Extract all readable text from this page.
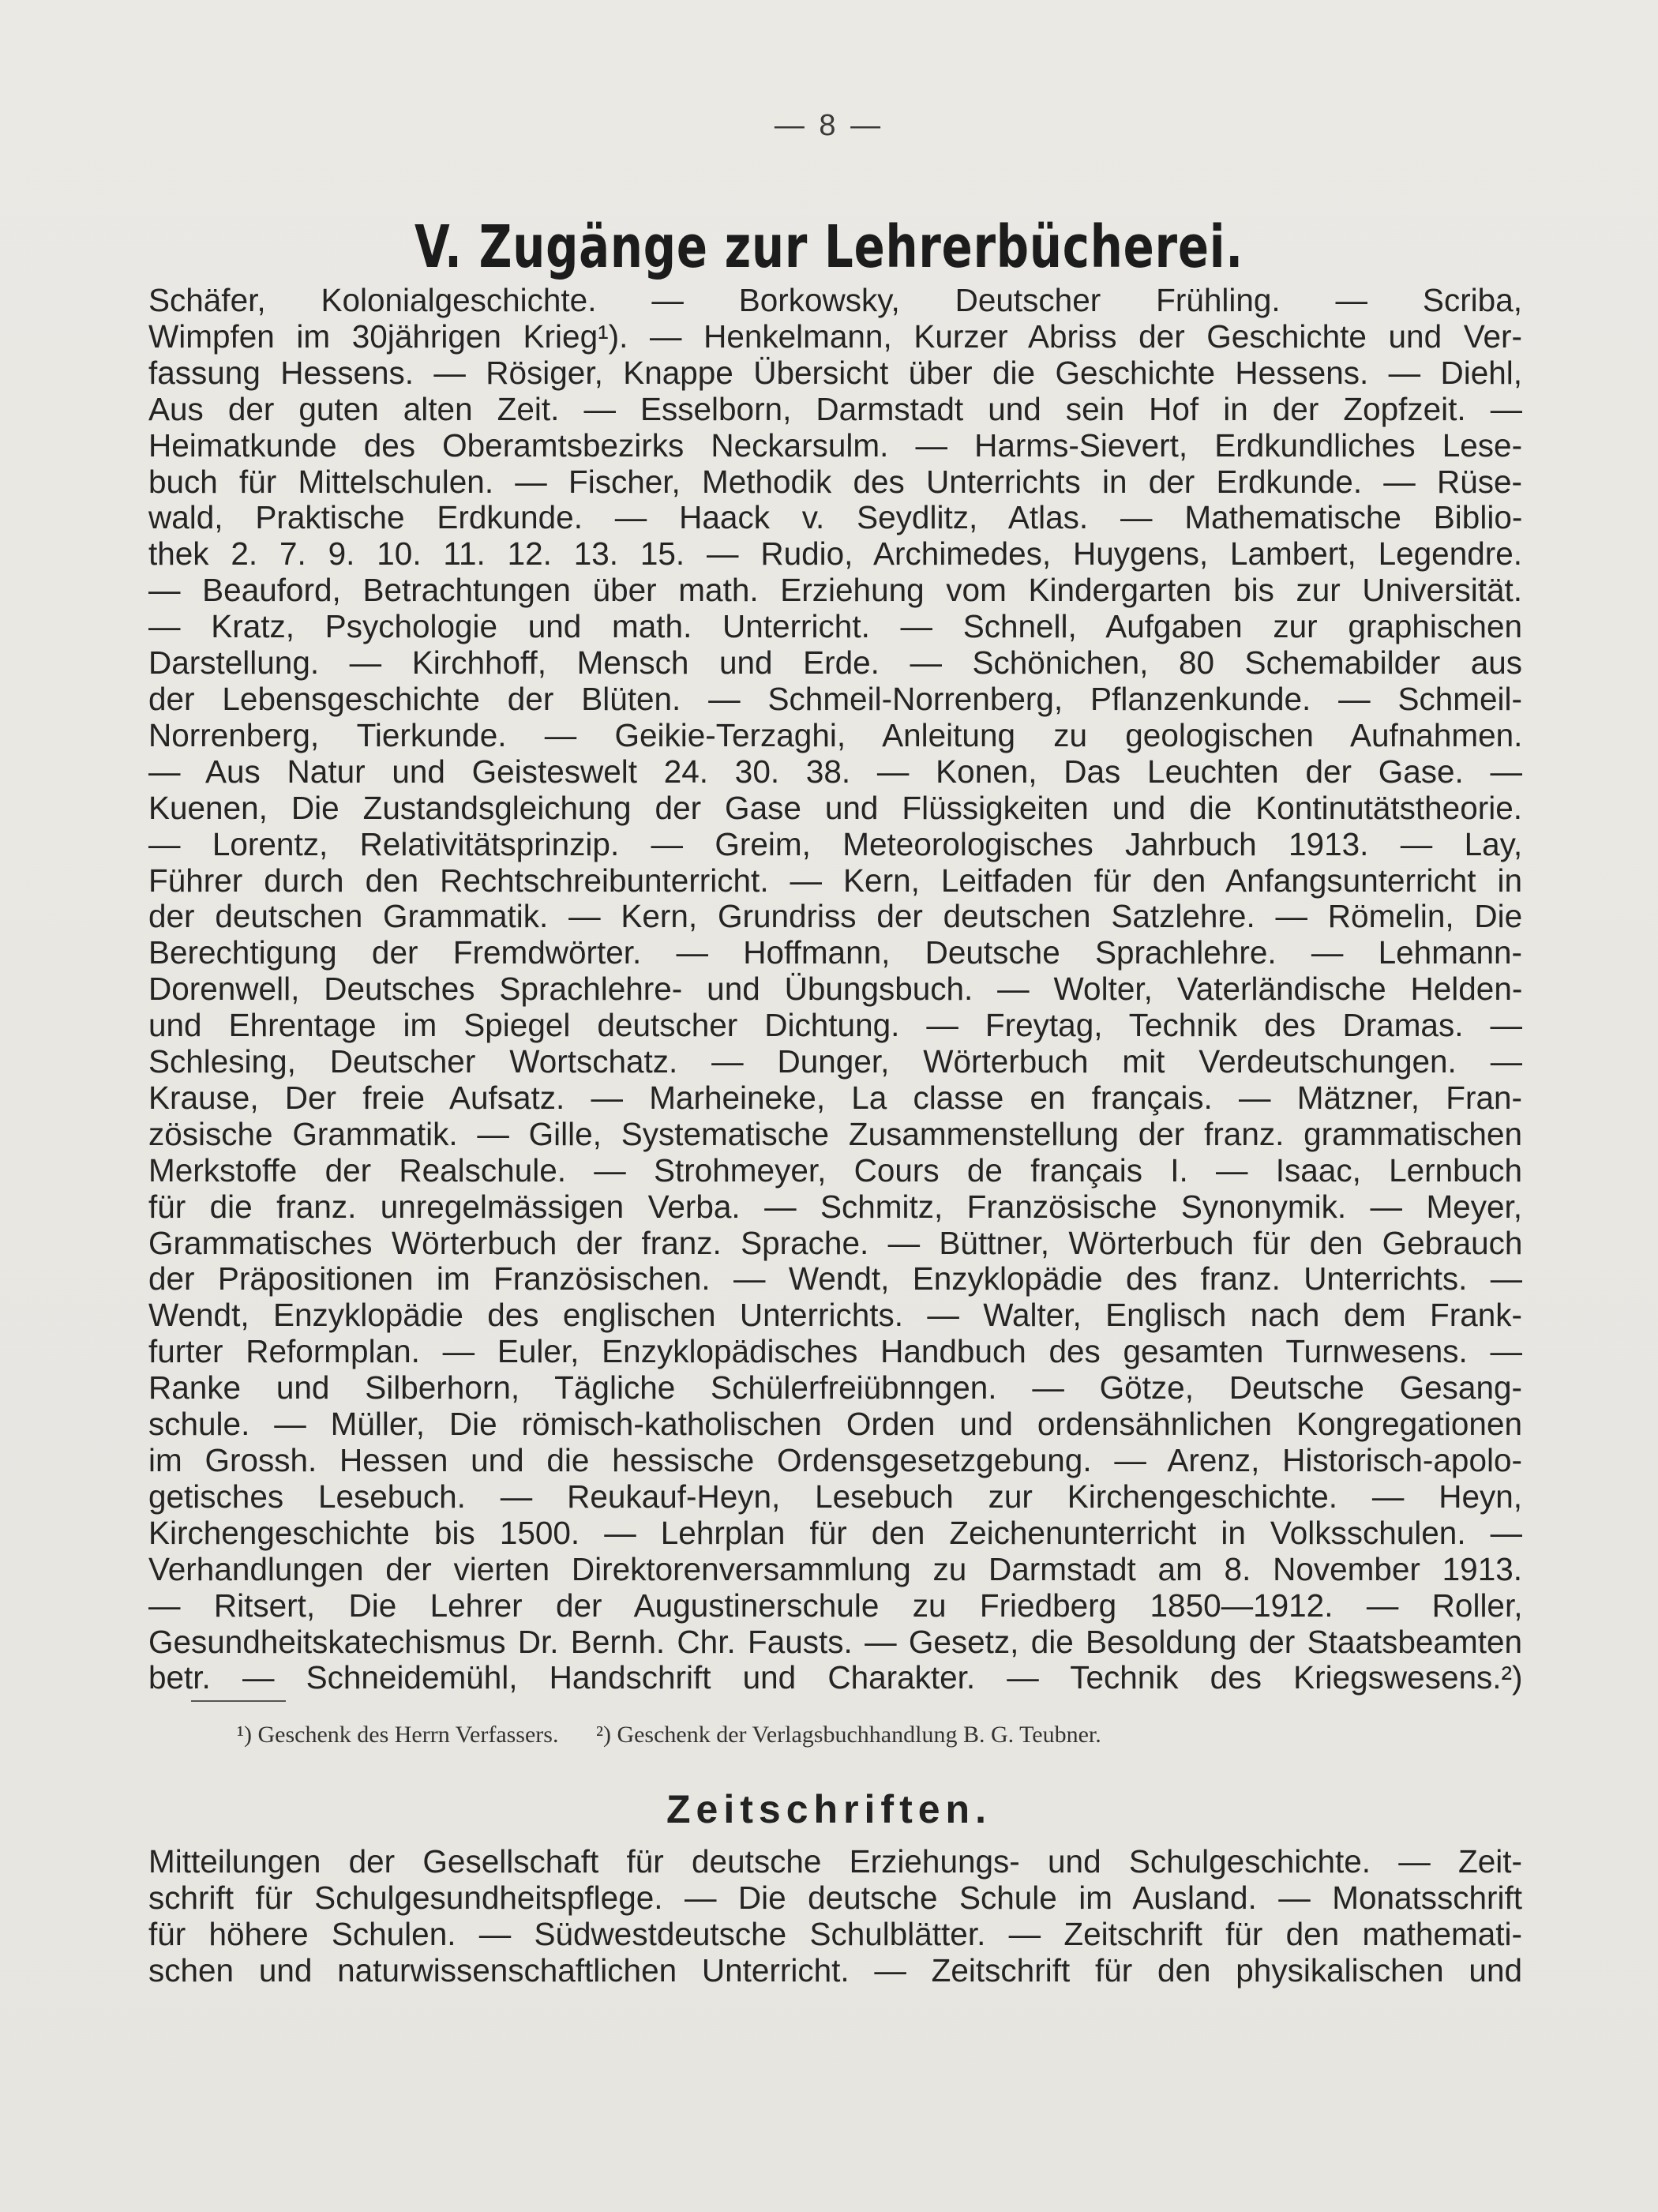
— 8 —
V. Zugänge zur Lehrerbücherei.
Schäfer, Kolonialgeschichte. — Borkowsky, Deutscher Frühling. — Scriba,
Wimpfen im 30jährigen Krieg¹). — Henkelmann, Kurzer Abriss der Geschichte und Ver-
fassung Hessens. — Rösiger, Knappe Übersicht über die Geschichte Hessens. — Diehl,
Aus der guten alten Zeit. — Esselborn, Darmstadt und sein Hof in der Zopfzeit. —
Heimatkunde des Oberamtsbezirks Neckarsulm. — Harms-Sievert, Erdkundliches Lese-
buch für Mittelschulen. — Fischer, Methodik des Unterrichts in der Erdkunde. — Rüse-
wald, Praktische Erdkunde. — Haack v. Seydlitz, Atlas. — Mathematische Biblio-
thek 2. 7. 9. 10. 11. 12. 13. 15. — Rudio, Archimedes, Huygens, Lambert, Legendre.
— Beauford, Betrachtungen über math. Erziehung vom Kindergarten bis zur Universität.
— Kratz, Psychologie und math. Unterricht. — Schnell, Aufgaben zur graphischen
Darstellung. — Kirchhoff, Mensch und Erde. — Schönichen, 80 Schemabilder aus
der Lebensgeschichte der Blüten. — Schmeil-Norrenberg, Pflanzenkunde. — Schmeil-
Norrenberg, Tierkunde. — Geikie-Terzaghi, Anleitung zu geologischen Aufnahmen.
— Aus Natur und Geisteswelt 24. 30. 38. — Konen, Das Leuchten der Gase. —
Kuenen, Die Zustandsgleichung der Gase und Flüssigkeiten und die Kontinutätstheorie.
— Lorentz, Relativitätsprinzip. — Greim, Meteorologisches Jahrbuch 1913. — Lay,
Führer durch den Rechtschreibunterricht. — Kern, Leitfaden für den Anfangsunterricht in
der deutschen Grammatik. — Kern, Grundriss der deutschen Satzlehre. — Römelin, Die
Berechtigung der Fremdwörter. — Hoffmann, Deutsche Sprachlehre. — Lehmann-
Dorenwell, Deutsches Sprachlehre- und Übungsbuch. — Wolter, Vaterländische Helden-
und Ehrentage im Spiegel deutscher Dichtung. — Freytag, Technik des Dramas. —
Schlesing, Deutscher Wortschatz. — Dunger, Wörterbuch mit Verdeutschungen. —
Krause, Der freie Aufsatz. — Marheineke, La classe en français. — Mätzner, Fran-
zösische Grammatik. — Gille, Systematische Zusammenstellung der franz. grammatischen
Merkstoffe der Realschule. — Strohmeyer, Cours de français I. — Isaac, Lernbuch
für die franz. unregelmässigen Verba. — Schmitz, Französische Synonymik. — Meyer,
Grammatisches Wörterbuch der franz. Sprache. — Büttner, Wörterbuch für den Gebrauch
der Präpositionen im Französischen. — Wendt, Enzyklopädie des franz. Unterrichts. —
Wendt, Enzyklopädie des englischen Unterrichts. — Walter, Englisch nach dem Frank-
furter Reformplan. — Euler, Enzyklopädisches Handbuch des gesamten Turnwesens. —
Ranke und Silberhorn, Tägliche Schülerfreiübnngen. — Götze, Deutsche Gesang-
schule. — Müller, Die römisch-katholischen Orden und ordensähnlichen Kongregationen
im Grossh. Hessen und die hessische Ordensgesetzgebung. — Arenz, Historisch-apolo-
getisches Lesebuch. — Reukauf-Heyn, Lesebuch zur Kirchengeschichte. — Heyn,
Kirchengeschichte bis 1500. — Lehrplan für den Zeichenunterricht in Volksschulen. —
Verhandlungen der vierten Direktorenversammlung zu Darmstadt am 8. November 1913.
— Ritsert, Die Lehrer der Augustinerschule zu Friedberg 1850—1912. — Roller,
Gesundheitskatechismus Dr. Bernh. Chr. Fausts. — Gesetz, die Besoldung der Staatsbeamten
betr. — Schneidemühl, Handschrift und Charakter. — Technik des Kriegswesens.²)
¹) Geschenk des Herrn Verfassers. ²) Geschenk der Verlagsbuchhandlung B. G. Teubner.
Zeitschriften.
Mitteilungen der Gesellschaft für deutsche Erziehungs- und Schulgeschichte. — Zeit-
schrift für Schulgesundheitspflege. — Die deutsche Schule im Ausland. — Monatsschrift
für höhere Schulen. — Südwestdeutsche Schulblätter. — Zeitschrift für den mathemati-
schen und naturwissenschaftlichen Unterricht. — Zeitschrift für den physikalischen und
